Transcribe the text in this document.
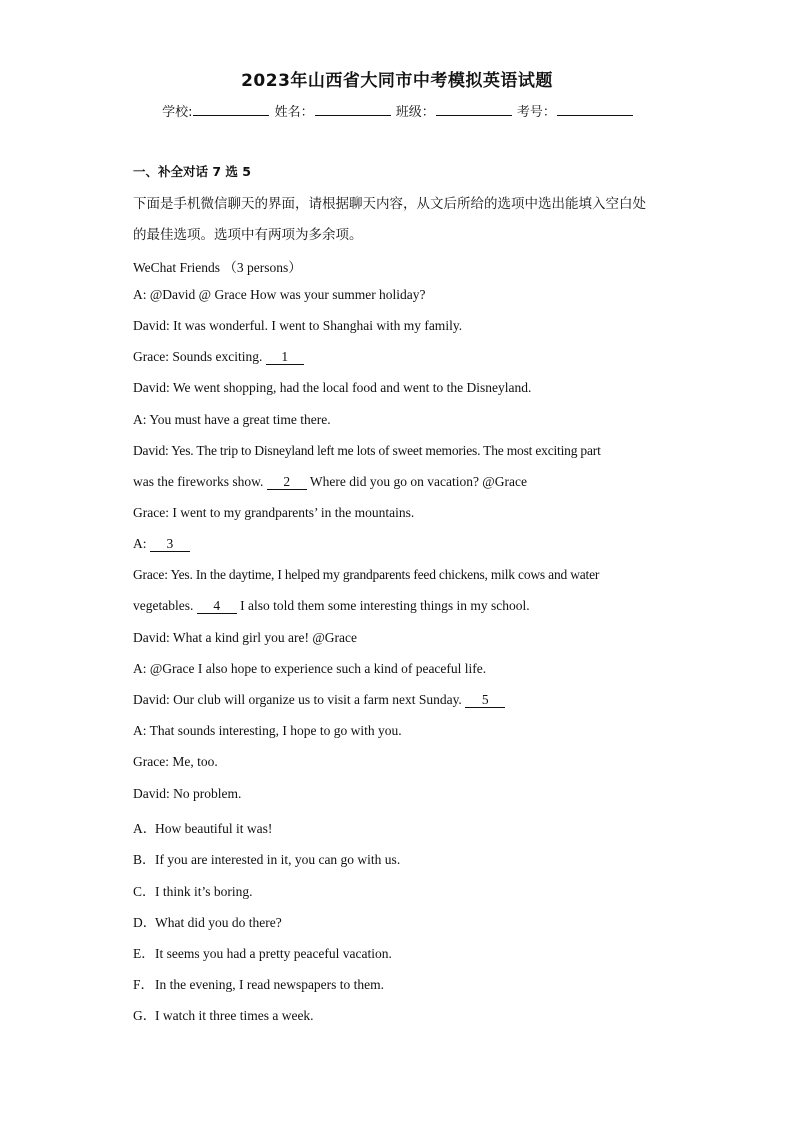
2023年山西省大同市中考模拟英语试题
学校:	姓名：	班级：	考号：
一、补全对话 7 选 5
下面是手机微信聊天的界面，请根据聊天内容，从文后所给的选项中选出能填入空白处
的最佳选项。选项中有两项为多余项。
WeChat Friends （3 persons）
A: @David @ Grace How was your summer holiday?
David: It was wonderful. I went to Shanghai with my family.
Grace: Sounds exciting. 1
David: We went shopping, had the local food and went to the Disneyland.
A: You must have a great time there.
David: Yes. The trip to Disneyland left me lots of sweet memories. The most exciting part
was the fireworks show. 2 Where did you go on vacation? @Grace
Grace: I went to my grandparents’ in the mountains.
A: 3
Grace: Yes. In the daytime, I helped my grandparents feed chickens, milk cows and water
vegetables. 4 I also told them some interesting things in my school.
David: What a kind girl you are! @Grace
A: @Grace I also hope to experience such a kind of peaceful life.
David: Our club will organize us to visit a farm next Sunday. 5
A: That sounds interesting, I hope to go with you.
Grace: Me, too.
David: No problem.
A．How beautiful it was!
B．If you are interested in it, you can go with us.
C．I think it’s boring.
D．What did you do there?
E．It seems you had a pretty peaceful vacation.
F．In the evening, I read newspapers to them.
G．I watch it three times a week.
